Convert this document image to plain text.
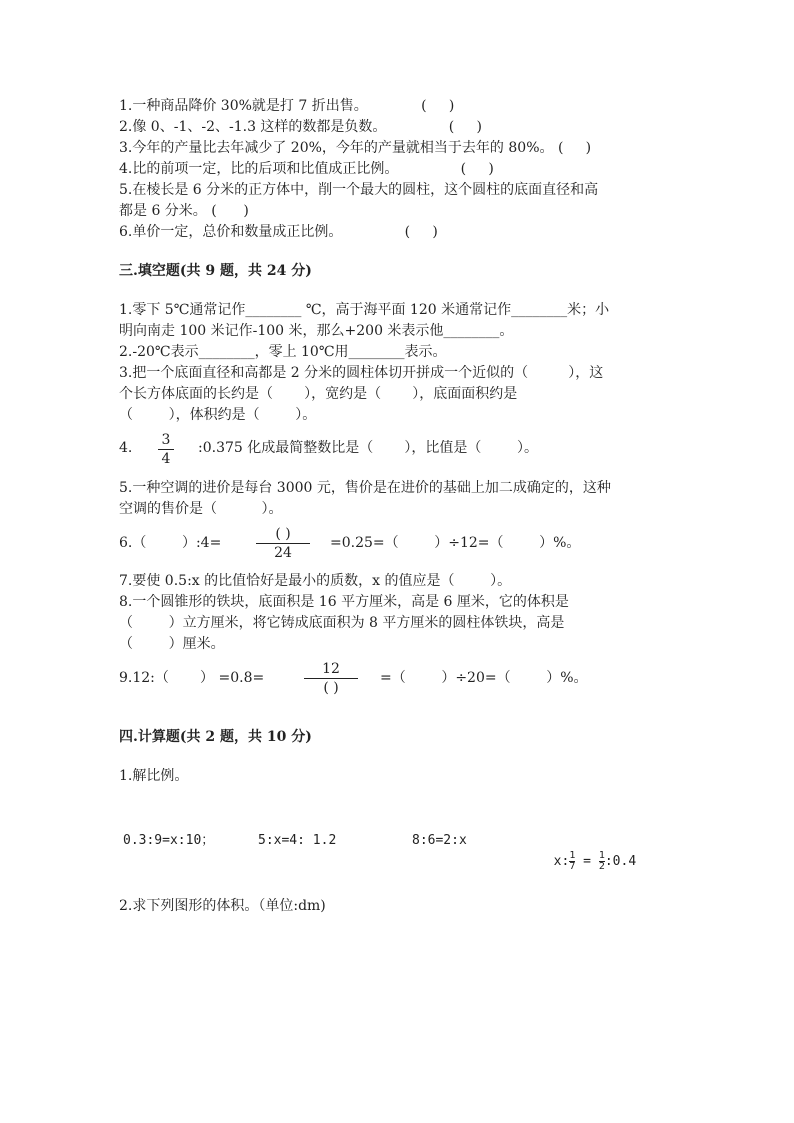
1.一种商品降价 30%就是打 7 折出售。            (     )
2.像 0、-1、-2、-1.3 这样的数都是负数。              (     )
3.今年的产量比去年减少了 20%，今年的产量就相当于去年的 80%。 (     )
4.比的前项一定，比的后项和比值成正比例。              (     )
5.在棱长是 6 分米的正方体中，削一个最大的圆柱，这个圆柱的底面直径和高
都是 6 分米。 (      )
6.单价一定，总价和数量成正比例。              (     )
三.填空题(共 9 题，共 24 分)
1.零下 5℃通常记作________ ℃，高于海平面 120 米通常记作________米；小
明向南走 100 米记作-100 米，那么+200 米表示他________。
2.-20℃表示________，零上 10℃用________表示。
3.把一个底面直径和高都是 2 分米的圆柱体切开拼成一个近似的（         ），这
个长方体底面的长约是（       ），宽约是（       ），底面面积约是
（        ），体积约是（        ）。
4. 3
4
:0.375 化成最简整数比是（       ），比值是（        ）。
5.一种空调的进价是每台 3000 元，售价是在进价的基础上加二成确定的，这种
空调的售价是（          ）。
6.（        ）:4=
( )
24
=0.25=（        ）÷12=（        ）%。
7.要使 0.5:x 的比值恰好是最小的质数，x 的值应是（        ）。
8.一个圆锥形的铁块，底面积是 16 平方厘米，高是 6 厘米，它的体积是
（        ）立方厘米，将它铸成底面积为 8 平方厘米的圆柱体铁块，高是
（        ）厘米。
9.12:（       ） =0.8=
12
( )
=（        ）÷20=（        ）%。
四.计算题(共 2 题，共 10 分)
1.解比例。
0.3:9=x:10；	5:x=4: 1.2	8:6=2:x

x: $\frac{1}{7} = \frac{1}{2}$ :0.4

2.求下列图形的体积。（单位:dm)
